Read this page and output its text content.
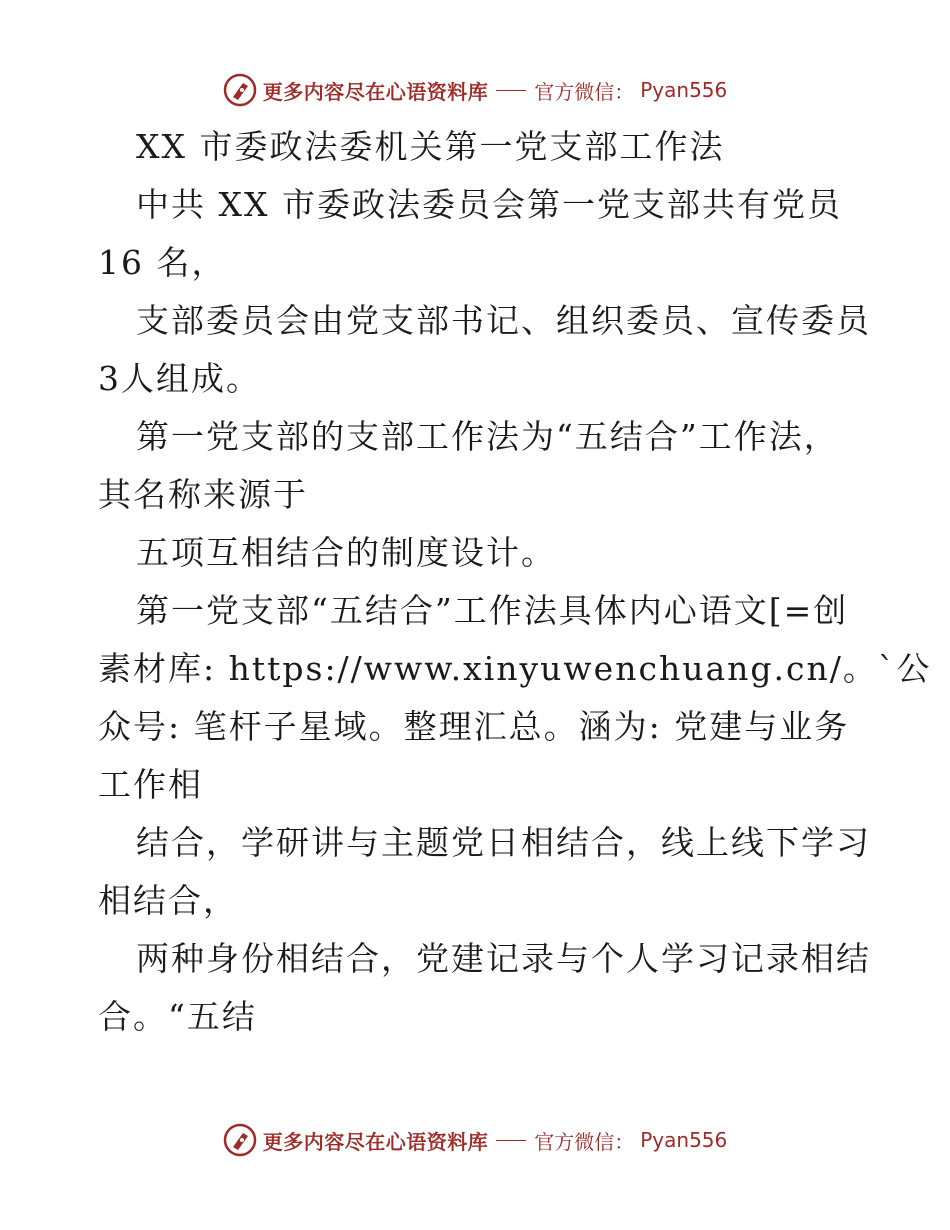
更多内容尽在心语资料库 官方微信： Pyan556
XX 市委政法委机关第一党支部工作法
中共 XX 市委政法委员会第一党支部共有党员
16 名，
支部委员会由党支部书记、组织委员、宣传委员
3人组成。
第一党支部的支部工作法为“五结合”工作法，
其名称来源于
五项互相结合的制度设计。
第一党支部“五结合”工作法具体内心语文[=创
素材库: https://www.xinyuwenchuang.cn/。`公
众号: 笔杆子星域。整理汇总。涵为: 党建与业务
工作相
结合，学研讲与主题党日相结合，线上线下学习
相结合，
两种身份相结合，党建记录与个人学习记录相结
合。“五结
更多内容尽在心语资料库 官方微信： Pyan556
